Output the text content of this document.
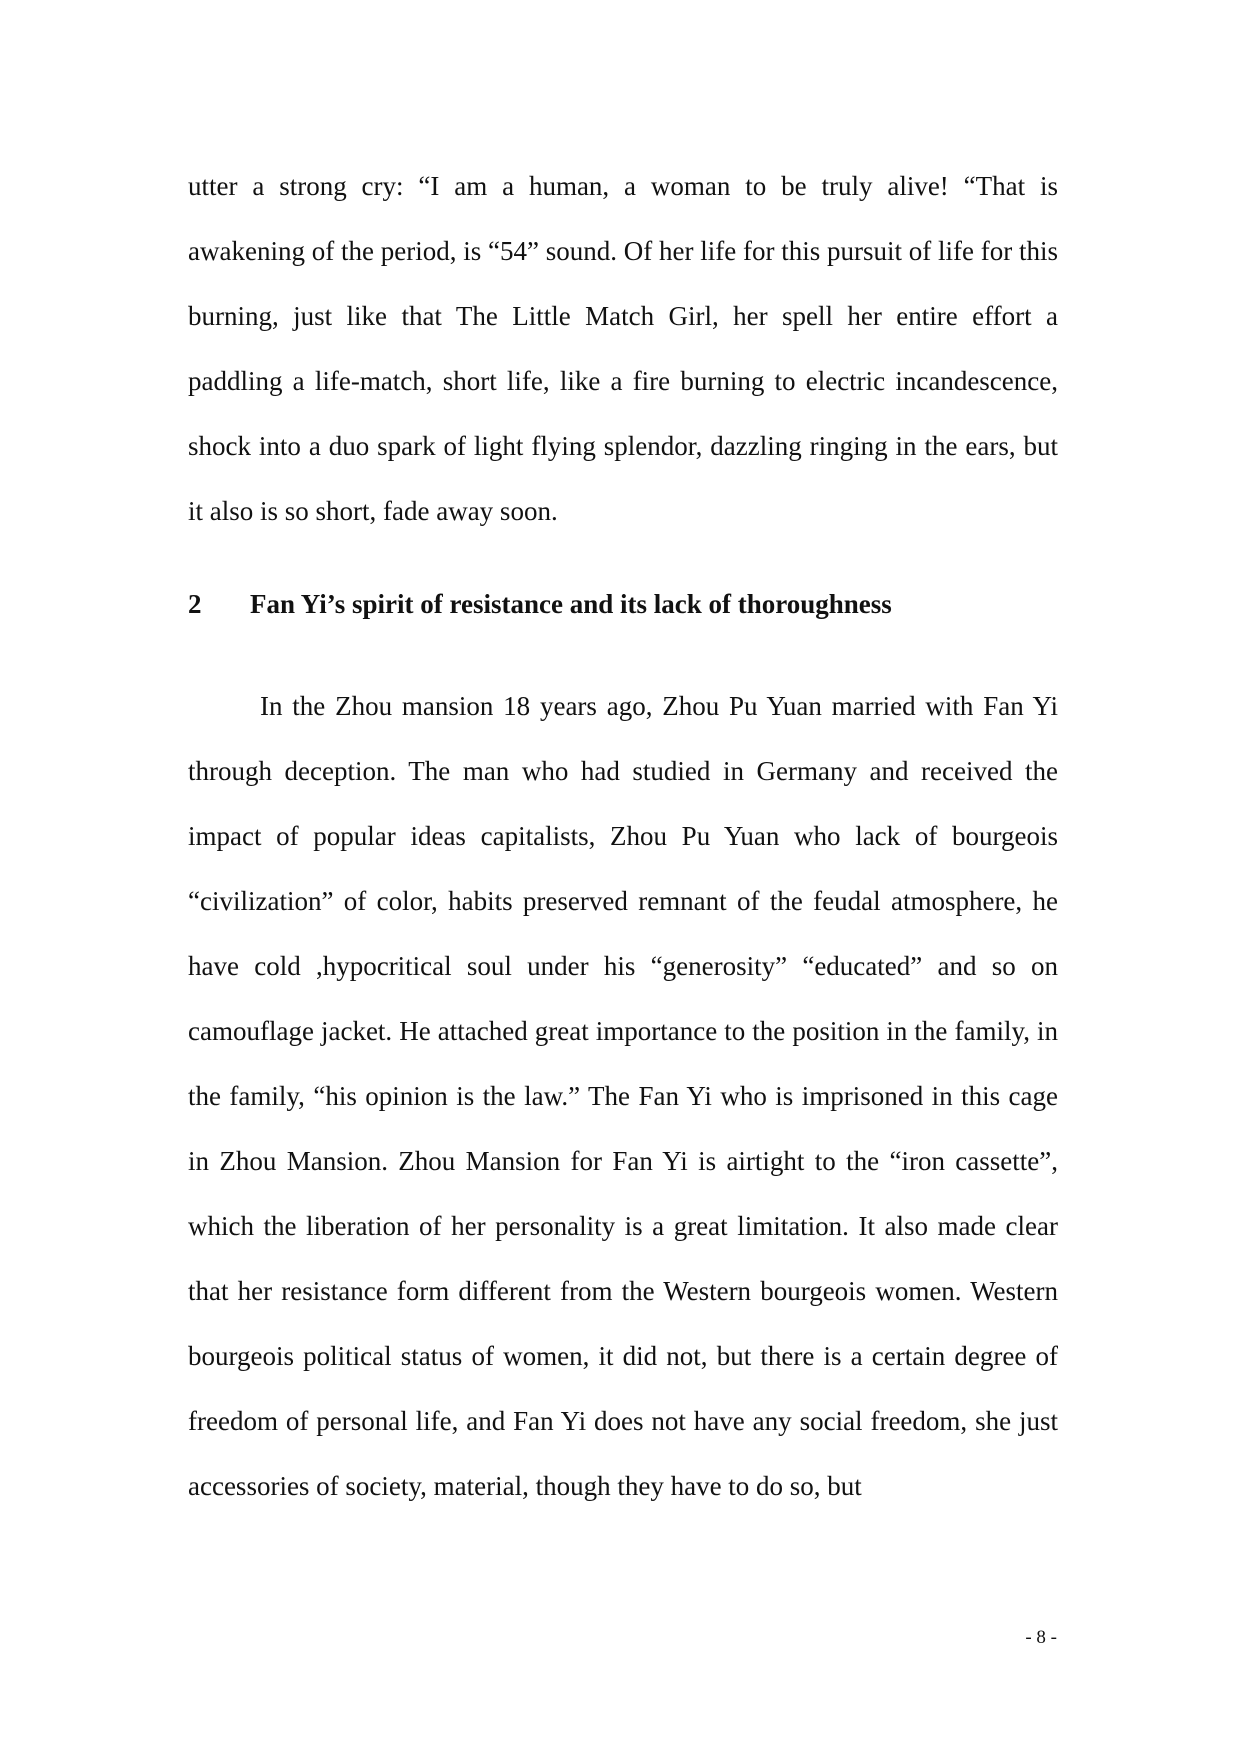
utter a strong cry: “I am a human, a woman to be truly alive! “That is awakening of the period, is “54” sound. Of her life for this pursuit of life for this burning, just like that The Little Match Girl, her spell her entire effort a paddling a life-match, short life, like a fire burning to electric incandescence, shock into a duo spark of light flying splendor, dazzling ringing in the ears, but it also is so short, fade away soon.

2 Fan Yi’s spirit of resistance and its lack of thoroughness

In the Zhou mansion 18 years ago, Zhou Pu Yuan married with Fan Yi through deception. The man who had studied in Germany and received the impact of popular ideas capitalists, Zhou Pu Yuan who lack of bourgeois “civilization” of color, habits preserved remnant of the feudal atmosphere, he have cold ,hypocritical soul under his “generosity” “educated” and so on camouflage jacket. He attached great importance to the position in the family, in the family, “his opinion is the law.” The Fan Yi who is imprisoned in this cage in Zhou Mansion. Zhou Mansion for Fan Yi is airtight to the “iron cassette”, which the liberation of her personality is a great limitation. It also made clear that her resistance form different from the Western bourgeois women. Western bourgeois political status of women, it did not, but there is a certain degree of freedom of personal life, and Fan Yi does not have any social freedom, she just accessories of society, material, though they have to do so, but

- 8 -
